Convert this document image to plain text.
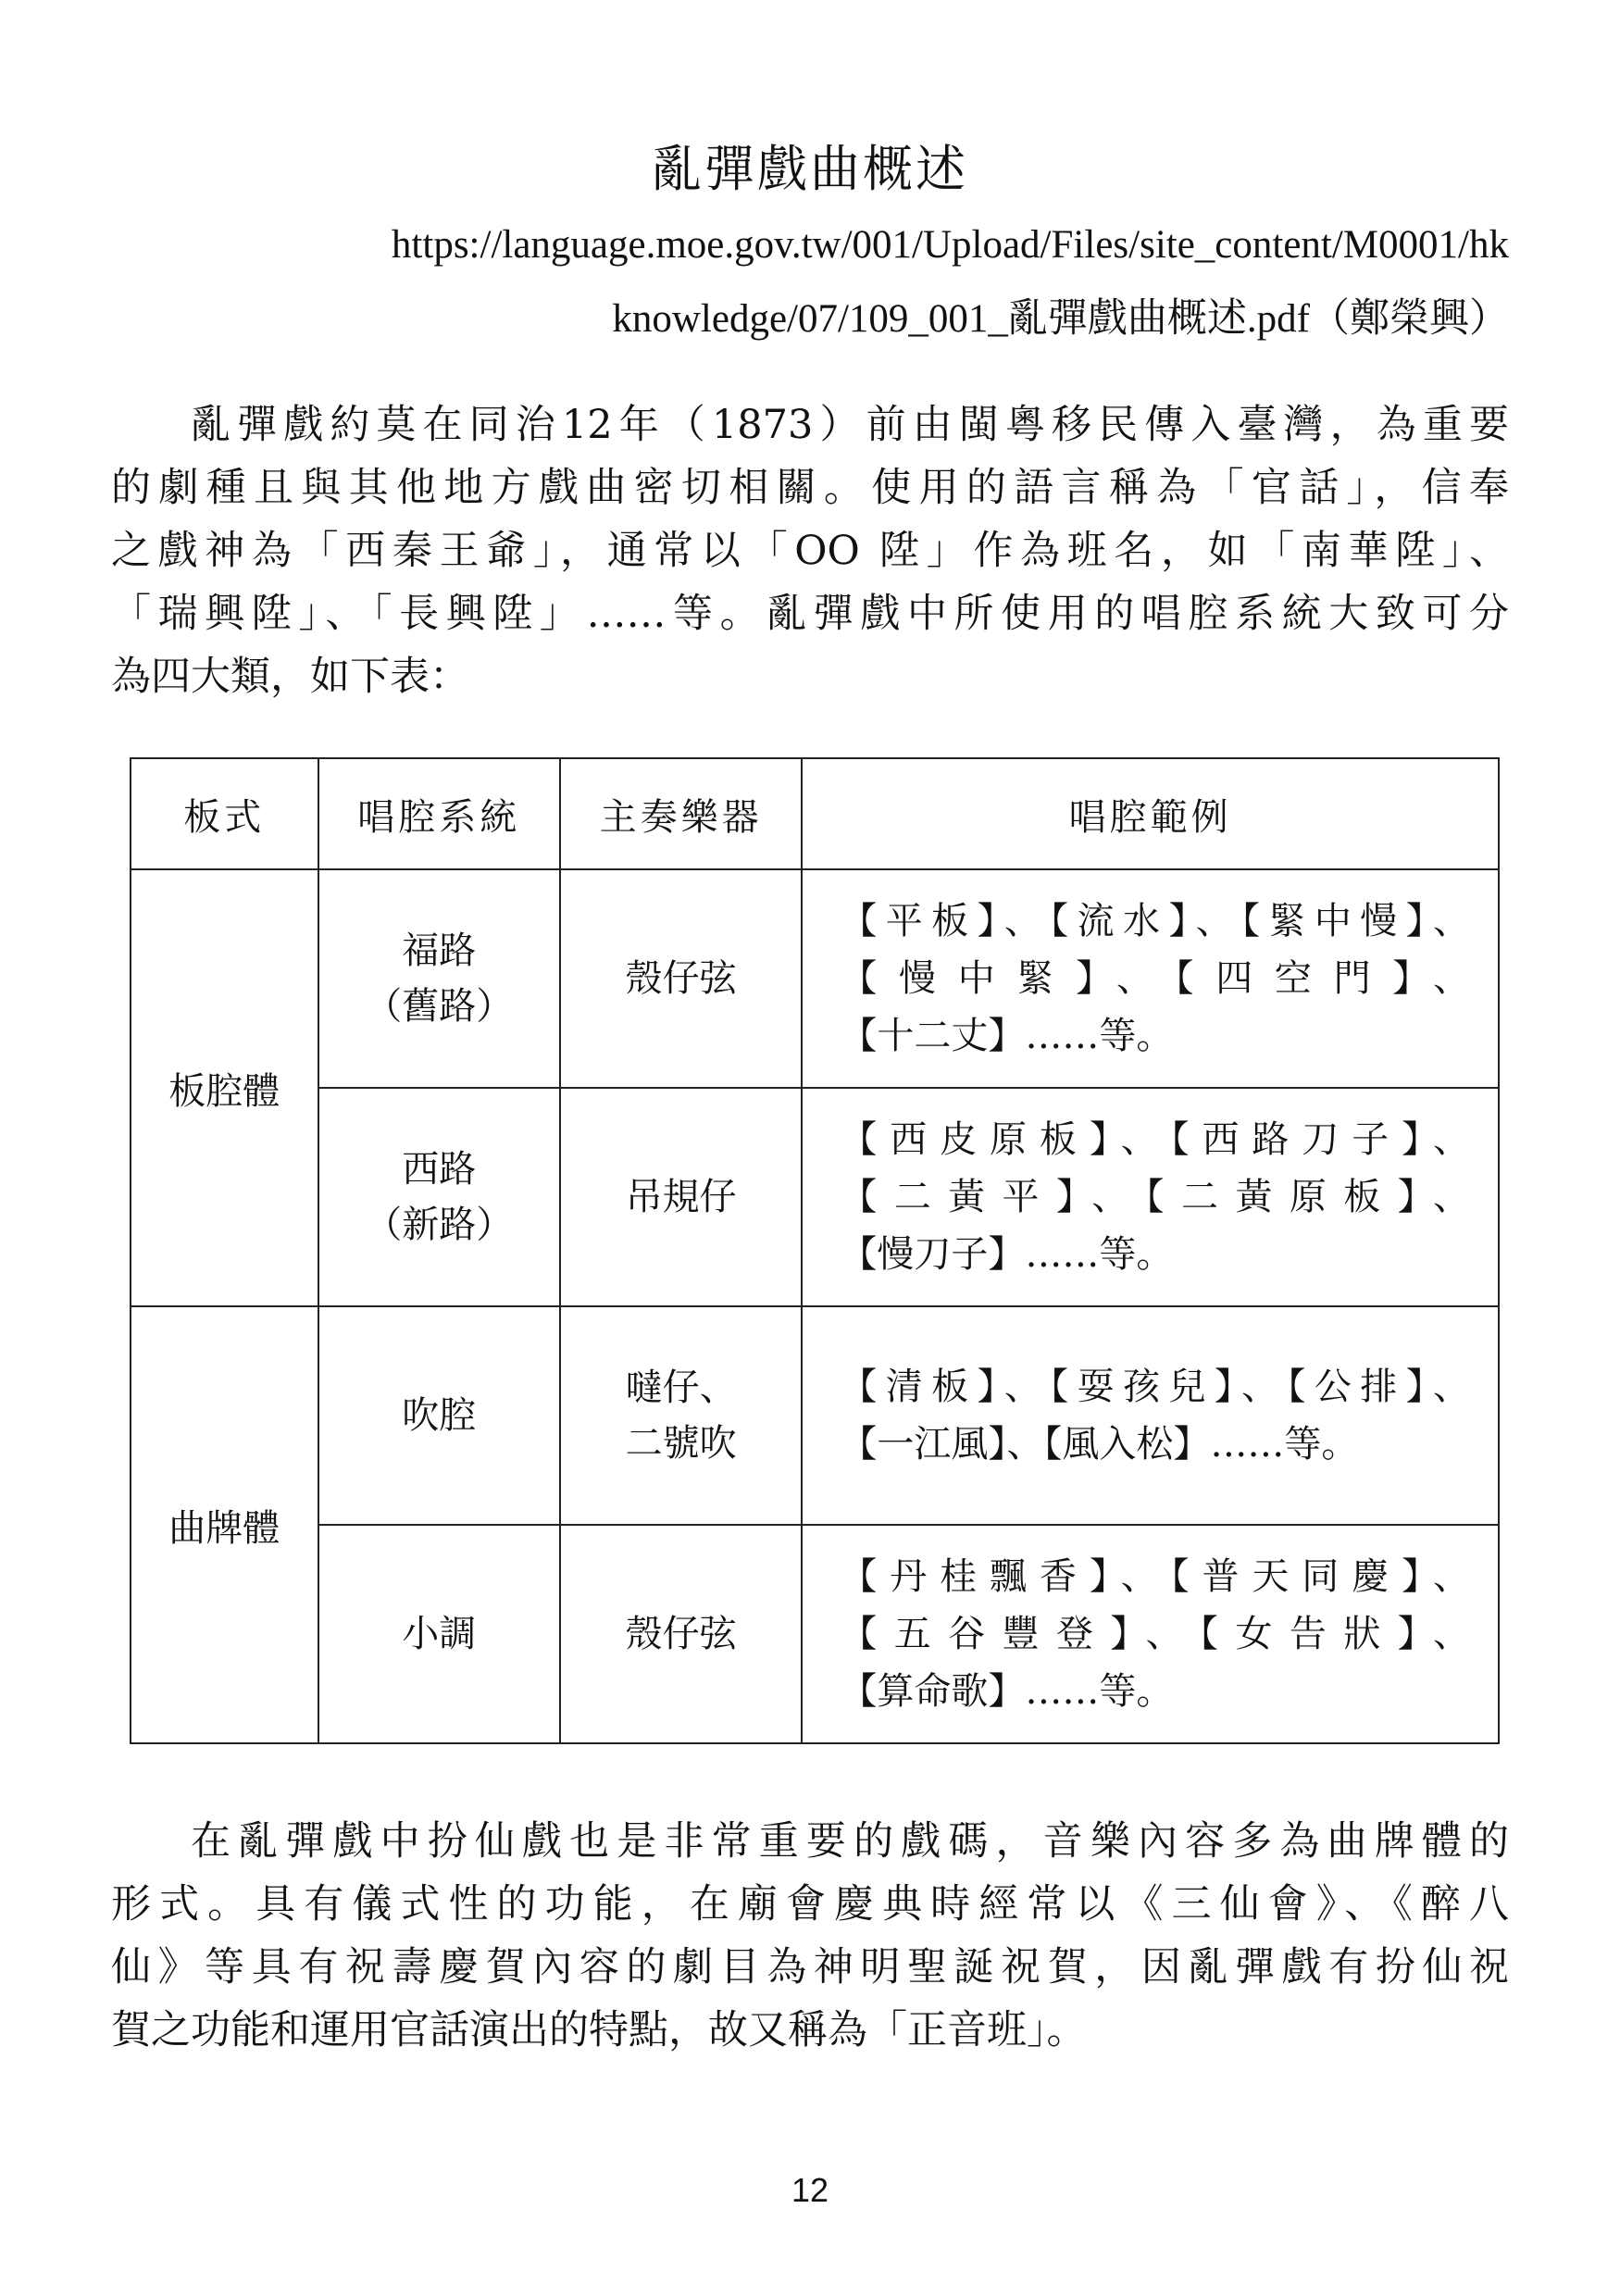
亂彈戲曲概述
https://language.moe.gov.tw/001/Upload/Files/site_content/M0001/hk
knowledge/07/109_001_亂彈戲曲概述.pdf（鄭榮興）
亂彈戲約莫在同治12年（1873）前由閩粵移民傳入臺灣，為重要
的劇種且與其他地方戲曲密切相關。使用的語言稱為「官話」，信奉
之戲神為「西秦王爺」，通常以「OO 陞」作為班名，如「南華陞」、
「瑞興陞」、「長興陞」……等。亂彈戲中所使用的唱腔系統大致可分
為四大類，如下表：
板式	唱腔系統	主奏樂器	唱腔範例
板腔體	福路
（舊路）	殼仔弦	【平板】、【流水】、【緊中慢】、
【慢中緊】、【四空門】、
【十二丈】……等。

	西路
（新路）	吊規仔	【西皮原板】、【西路刀子】、
【二黃平】、【二黃原板】、
【慢刀子】……等。

曲牌體	吹腔	噠仔、
二號吹	【清板】、【耍孩兒】、【公排】、
【一江風】、【風入松】……等。

	小調	殼仔弦	【丹桂飄香】、【普天同慶】、
【五谷豐登】、【女告狀】、
【算命歌】……等。
在亂彈戲中扮仙戲也是非常重要的戲碼，音樂內容多為曲牌體的
形式。具有儀式性的功能，在廟會慶典時經常以《三仙會》、《醉八
仙》等具有祝壽慶賀內容的劇目為神明聖誕祝賀，因亂彈戲有扮仙祝
賀之功能和運用官話演出的特點，故又稱為「正音班」。
12
